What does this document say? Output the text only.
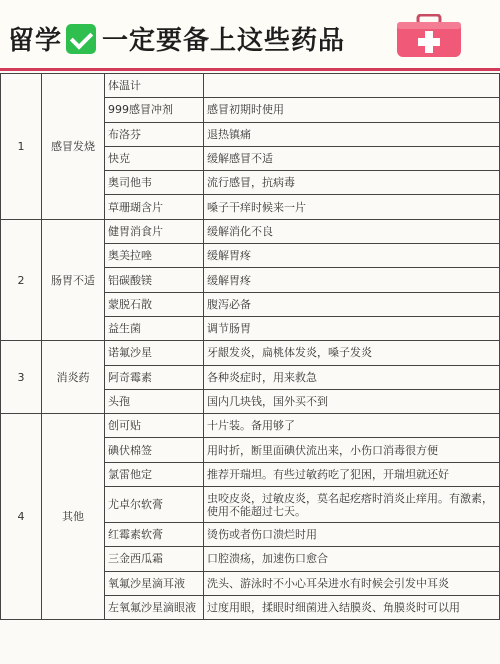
留学 一定要备上这些药品
1	感冒发烧	体温计	
		999感冒冲剂	感冒初期时使用
		布洛芬	退热镇痛
		快克	缓解感冒不适
		奥司他韦	流行感冒，抗病毒
		草珊瑚含片	嗓子干痒时候来一片
2	肠胃不适	健胃消食片	缓解消化不良
		奥美拉唑	缓解胃疼
		铝碳酸镁	缓解胃疼
		蒙脱石散	腹泻必备
		益生菌	调节肠胃
3	消炎药	诺氟沙星	牙龈发炎，扁桃体发炎，嗓子发炎
		阿奇霉素	各种炎症时，用来救急
		头孢	国内几块钱，国外买不到
4	其他	创可贴	十片装。备用够了
		碘伏棉签	用时折，断里面碘伏流出来，小伤口消毒很方便
		氯雷他定	推荐开瑞坦。有些过敏药吃了犯困，开瑞坦就还好
		尤卓尔软膏	虫咬皮炎，过敏皮炎，莫名起疙瘩时消炎止痒用。有激素，使用不能超过七天。
		红霉素软膏	烫伤或者伤口溃烂时用
		三金西瓜霜	口腔溃疡，加速伤口愈合
		氧氟沙星滴耳液	洗头、游泳时不小心耳朵进水有时候会引发中耳炎
		左氧氟沙星滴眼液	过度用眼，揉眼时细菌进入结膜炎、角膜炎时可以用
